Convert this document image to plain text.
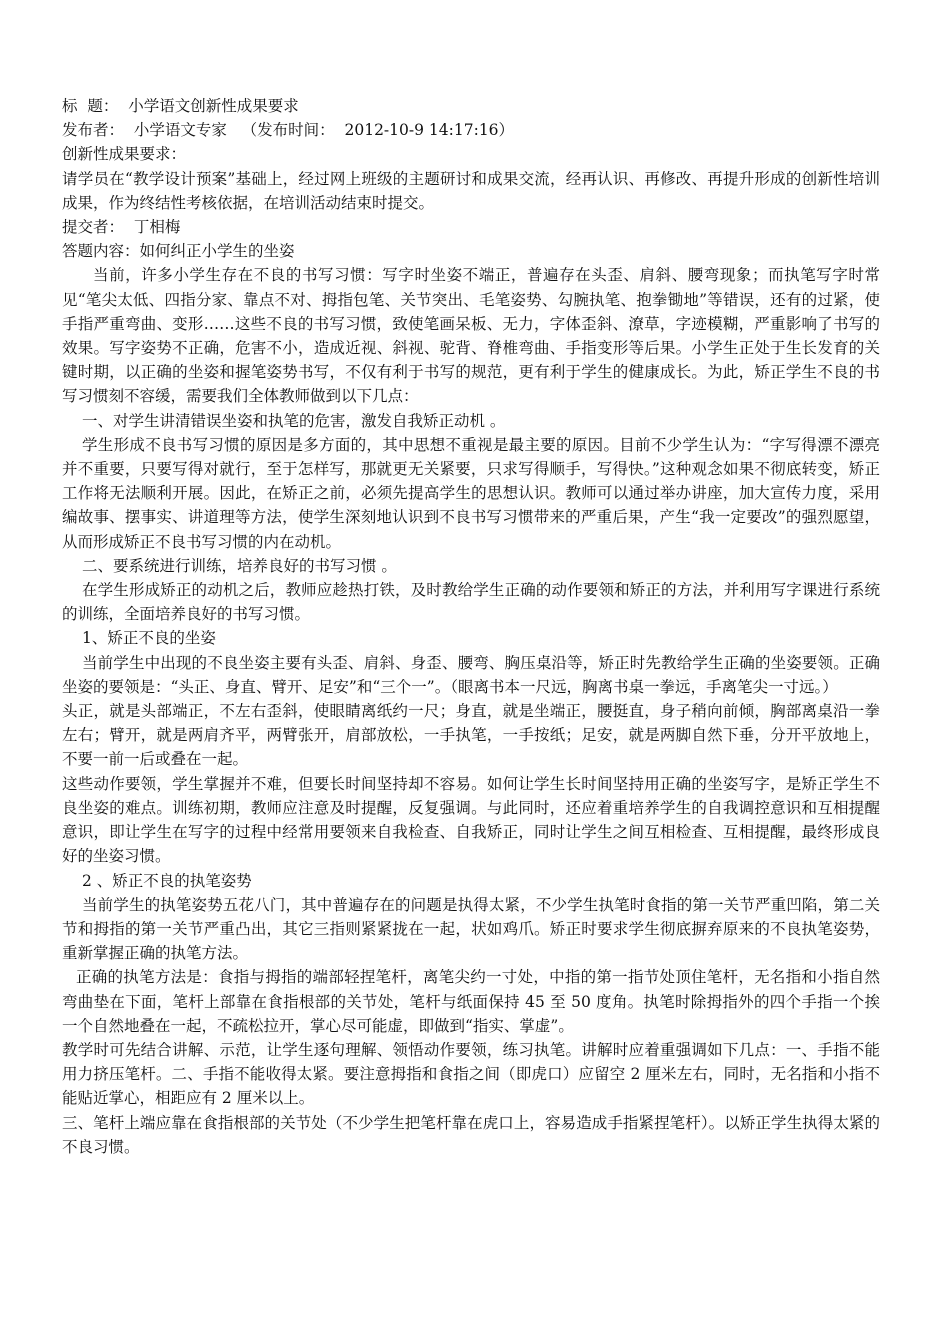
标  题：  小学语文创新性成果要求

发布者：  小学语文专家   （发布时间：  2012-10-9 14:17:16）

创新性成果要求：

请学员在“教学设计预案”基础上，经过网上班级的主题研讨和成果交流，经再认识、再修改、再提升形成的创新性培训成果，作为终结性考核依据，在培训活动结束时提交。

提交者：  丁相梅

答题内容：如何纠正小学生的坐姿

当前，许多小学生存在不良的书写习惯：写字时坐姿不端正，普遍存在头歪、肩斜、腰弯现象；而执笔写字时常见“笔尖太低、四指分家、靠点不对、拇指包笔、关节突出、毛笔姿势、勾腕执笔、抱拳锄地”等错误，还有的过紧，使手指严重弯曲、变形……这些不良的书写习惯，致使笔画呆板、无力，字体歪斜、潦草，字迹模糊，严重影响了书写的效果。写字姿势不正确，危害不小，造成近视、斜视、驼背、脊椎弯曲、手指变形等后果。小学生正处于生长发育的关键时期，以正确的坐姿和握笔姿势书写，不仅有利于书写的规范，更有利于学生的健康成长。为此，矫正学生不良的书写习惯刻不容缓，需要我们全体教师做到以下几点：

一、对学生讲清错误坐姿和执笔的危害，激发自我矫正动机 。

学生形成不良书写习惯的原因是多方面的，其中思想不重视是最主要的原因。目前不少学生认为：“字写得漂不漂亮并不重要，只要写得对就行，至于怎样写，那就更无关紧要，只求写得顺手，写得快。”这种观念如果不彻底转变，矫正工作将无法顺利开展。因此，在矫正之前，必须先提高学生的思想认识。教师可以通过举办讲座，加大宣传力度，采用编故事、摆事实、讲道理等方法，使学生深刻地认识到不良书写习惯带来的严重后果，产生“我一定要改”的强烈愿望，从而形成矫正不良书写习惯的内在动机。

二、要系统进行训练，培养良好的书写习惯 。

在学生形成矫正的动机之后，教师应趁热打铁，及时教给学生正确的动作要领和矫正的方法，并利用写字课进行系统的训练，全面培养良好的书写习惯。

1、矫正不良的坐姿

当前学生中出现的不良坐姿主要有头歪、肩斜、身歪、腰弯、胸压桌沿等，矫正时先教给学生正确的坐姿要领。正确坐姿的要领是：“头正、身直、臂开、足安”和“三个一”。（眼离书本一尺远，胸离书桌一拳远，手离笔尖一寸远。）

头正，就是头部端正，不左右歪斜，使眼睛离纸约一尺；身直，就是坐端正，腰挺直，身子稍向前倾，胸部离桌沿一拳左右；臂开，就是两肩齐平，两臂张开，肩部放松，一手执笔，一手按纸；足安，就是两脚自然下垂，分开平放地上，不要一前一后或叠在一起。

这些动作要领，学生掌握并不难，但要长时间坚持却不容易。如何让学生长时间坚持用正确的坐姿写字，是矫正学生不良坐姿的难点。训练初期，教师应注意及时提醒，反复强调。与此同时，还应着重培养学生的自我调控意识和互相提醒意识，即让学生在写字的过程中经常用要领来自我检查、自我矫正，同时让学生之间互相检查、互相提醒，最终形成良好的坐姿习惯。

2 、矫正不良的执笔姿势

当前学生的执笔姿势五花八门，其中普遍存在的问题是执得太紧，不少学生执笔时食指的第一关节严重凹陷，第二关节和拇指的第一关节严重凸出，其它三指则紧紧拢在一起，状如鸡爪。矫正时要求学生彻底摒弃原来的不良执笔姿势，重新掌握正确的执笔方法。

正确的执笔方法是：食指与拇指的端部轻捏笔杆，离笔尖约一寸处，中指的第一指节处顶住笔杆，无名指和小指自然弯曲垫在下面，笔杆上部靠在食指根部的关节处，笔杆与纸面保持 45 至 50 度角。执笔时除拇指外的四个手指一个挨一个自然地叠在一起，不疏松拉开，掌心尽可能虚，即做到“指实、掌虚”。

教学时可先结合讲解、示范，让学生逐句理解、领悟动作要领，练习执笔。讲解时应着重强调如下几点：一、手指不能用力挤压笔杆。二、手指不能收得太紧。要注意拇指和食指之间（即虎口）应留空 2 厘米左右，同时，无名指和小指不能贴近掌心，相距应有 2 厘米以上。

三、笔杆上端应靠在食指根部的关节处（不少学生把笔杆靠在虎口上，容易造成手指紧捏笔杆）。以矫正学生执得太紧的不良习惯。
